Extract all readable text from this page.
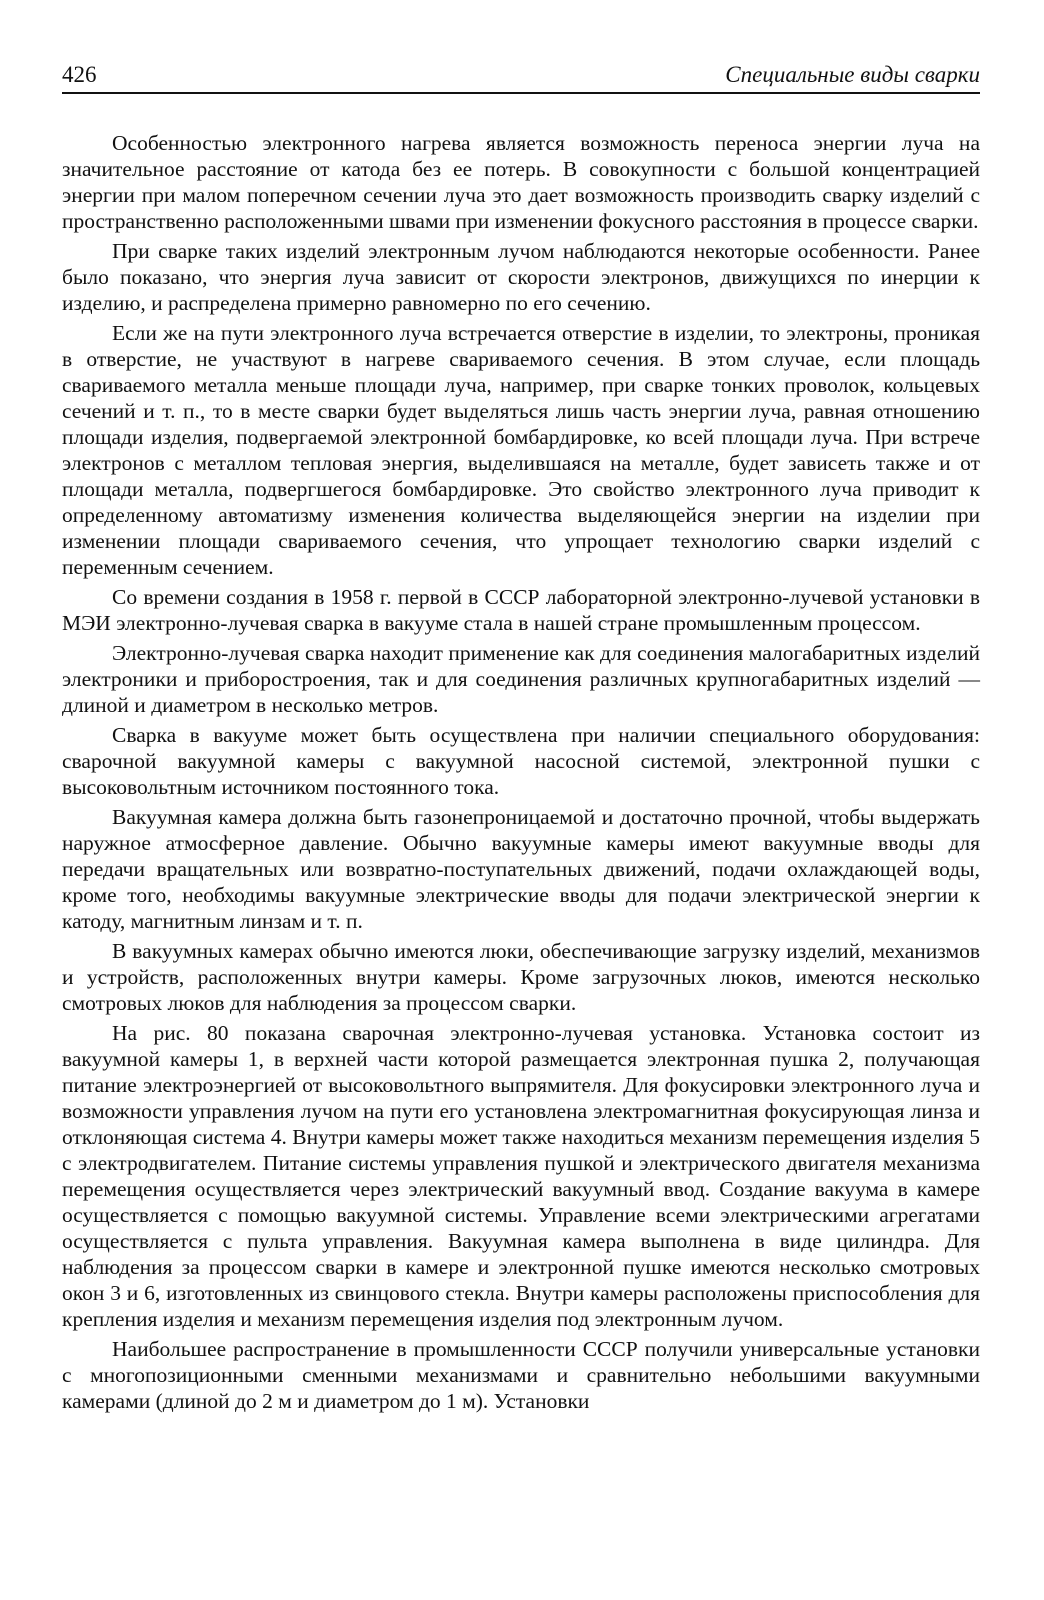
426	Специальные виды сварки

Особенностью электронного нагрева является возможность переноса энергии луча на значительное расстояние от катода без ее потерь. В совокупности с большой концентрацией энергии при малом поперечном сечении луча это дает возможность производить сварку изделий с пространственно расположенными швами при изменении фокусного расстояния в процессе сварки.

При сварке таких изделий электронным лучом наблюдаются некоторые особенности. Ранее было показано, что энергия луча зависит от скорости электронов, движущихся по инерции к изделию, и распределена примерно равномерно по его сечению.

Если же на пути электронного луча встречается отверстие в изделии, то электроны, проникая в отверстие, не участвуют в нагреве свариваемого сечения. В этом случае, если площадь свариваемого металла меньше площади луча, например, при сварке тонких проволок, кольцевых сечений и т. п., то в месте сварки будет выделяться лишь часть энергии луча, равная отношению площади изделия, подвергаемой электронной бомбардировке, ко всей площади луча. При встрече электронов с металлом тепловая энергия, выделившаяся на металле, будет зависеть также и от площади металла, подвергшегося бомбардировке. Это свойство электронного луча приводит к определенному автоматизму изменения количества выделяющейся энергии на изделии при изменении площади свариваемого сечения, что упрощает технологию сварки изделий с переменным сечением.

Со времени создания в 1958 г. первой в СССР лабораторной электронно-лучевой установки в МЭИ электронно-лучевая сварка в вакууме стала в нашей стране промышленным процессом.

Электронно-лучевая сварка находит применение как для соединения малогабаритных изделий электроники и приборостроения, так и для соединения различных крупногабаритных изделий — длиной и диаметром в несколько метров.

Сварка в вакууме может быть осуществлена при наличии специального оборудования: сварочной вакуумной камеры с вакуумной насосной системой, электронной пушки с высоковольтным источником постоянного тока.

Вакуумная камера должна быть газонепроницаемой и достаточно прочной, чтобы выдержать наружное атмосферное давление. Обычно вакуумные камеры имеют вакуумные вводы для передачи вращательных или возвратно-поступательных движений, подачи охлаждающей воды, кроме того, необходимы вакуумные электрические вводы для подачи электрической энергии к катоду, магнитным линзам и т. п.

В вакуумных камерах обычно имеются люки, обеспечивающие загрузку изделий, механизмов и устройств, расположенных внутри камеры. Кроме загрузочных люков, имеются несколько смотровых люков для наблюдения за процессом сварки.

На рис. 80 показана сварочная электронно-лучевая установка. Установка состоит из вакуумной камеры 1, в верхней части которой размещается электронная пушка 2, получающая питание электроэнергией от высоковольтного выпрямителя. Для фокусировки электронного луча и возможности управления лучом на пути его установлена электромагнитная фокусирующая линза и отклоняющая система 4. Внутри камеры может также находиться механизм перемещения изделия 5 с электродвигателем. Питание системы управления пушкой и электрического двигателя механизма перемещения осуществляется через электрический вакуумный ввод. Создание вакуума в камере осуществляется с помощью вакуумной системы. Управление всеми электрическими агрегатами осуществляется с пульта управления. Вакуумная камера выполнена в виде цилиндра. Для наблюдения за процессом сварки в камере и электронной пушке имеются несколько смотровых окон 3 и 6, изготовленных из свинцового стекла. Внутри камеры расположены приспособления для крепления изделия и механизм перемещения изделия под электронным лучом.

Наибольшее распространение в промышленности СССР получили универсальные установки с многопозиционными сменными механизмами и сравнительно небольшими вакуумными камерами (длиной до 2 м и диаметром до 1 м). Установки
